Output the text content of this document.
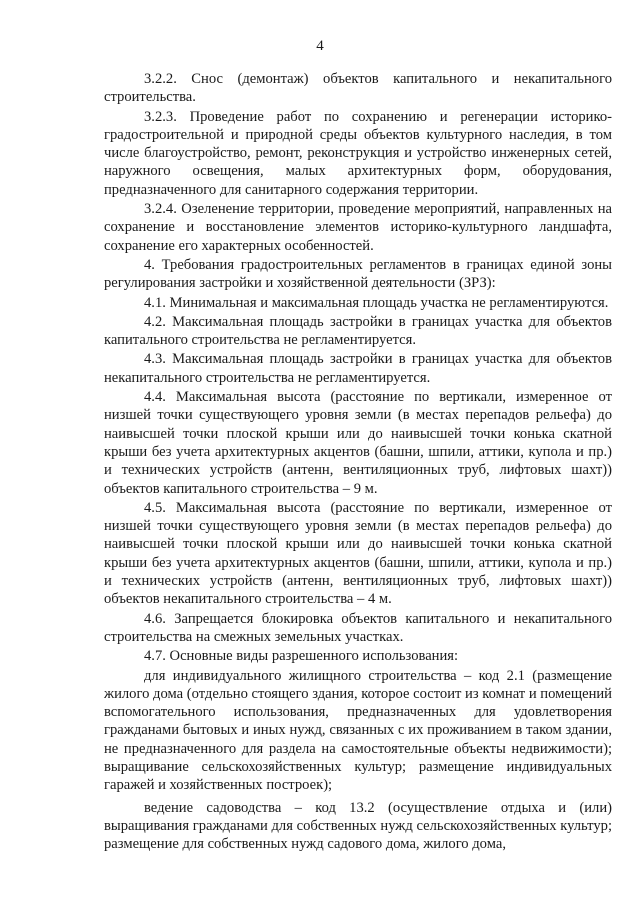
4

3.2.2. Снос (демонтаж) объектов капитального и некапитального строительства.

3.2.3. Проведение работ по сохранению и регенерации историко-градостроительной и природной среды объектов культурного наследия, в том числе благоустройство, ремонт, реконструкция и устройство инженерных сетей, наружного освещения, малых архитектурных форм, оборудования, предназначенного для санитарного содержания территории.

3.2.4. Озеленение территории, проведение мероприятий, направленных на сохранение и восстановление элементов историко-культурного ландшафта, сохранение его характерных особенностей.

4. Требования градостроительных регламентов в границах единой зоны регулирования застройки и хозяйственной деятельности (ЗРЗ):

4.1. Минимальная и максимальная площадь участка не регламентируются.

4.2. Максимальная площадь застройки в границах участка для объектов капитального строительства не регламентируется.

4.3. Максимальная площадь застройки в границах участка для объектов некапитального строительства не регламентируется.

4.4. Максимальная высота (расстояние по вертикали, измеренное от низшей точки существующего уровня земли (в местах перепадов рельефа) до наивысшей точки плоской крыши или до наивысшей точки конька скатной крыши без учета архитектурных акцентов (башни, шпили, аттики, купола и пр.) и технических устройств (антенн, вентиляционных труб, лифтовых шахт)) объектов капитального строительства – 9 м.

4.5. Максимальная высота (расстояние по вертикали, измеренное от низшей точки существующего уровня земли (в местах перепадов рельефа) до наивысшей точки плоской крыши или до наивысшей точки конька скатной крыши без учета архитектурных акцентов (башни, шпили, аттики, купола и пр.) и технических устройств (антенн, вентиляционных труб, лифтовых шахт)) объектов некапитального строительства – 4 м.

4.6. Запрещается блокировка объектов капитального и некапитального строительства на смежных земельных участках.

4.7. Основные виды разрешенного использования:

для индивидуального жилищного строительства – код 2.1 (размещение жилого дома (отдельно стоящего здания, которое состоит из комнат и помещений вспомогательного использования, предназначенных для удовлетворения гражданами бытовых и иных нужд, связанных с их проживанием в таком здании, не предназначенного для раздела на самостоятельные объекты недвижимости); выращивание сельскохозяйственных культур; размещение индивидуальных гаражей и хозяйственных построек);

ведение садоводства – код 13.2 (осуществление отдыха и (или) выращивания гражданами для собственных нужд сельскохозяйственных культур; размещение для собственных нужд садового дома, жилого дома,
